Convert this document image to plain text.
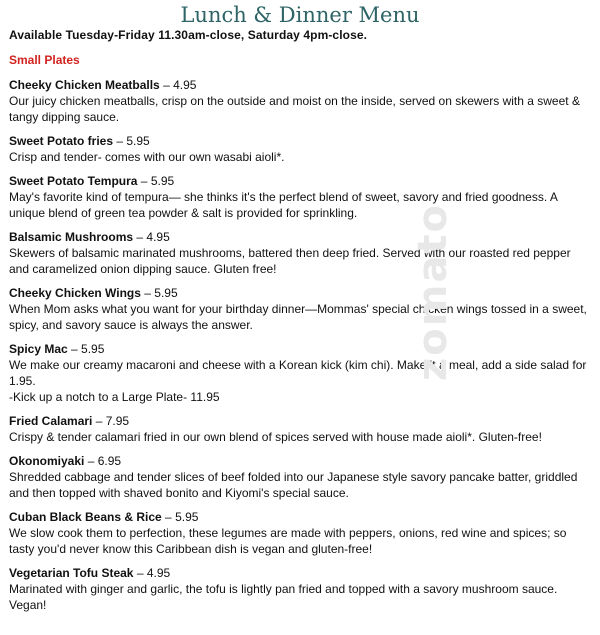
zomato
Lunch & Dinner Menu
Available Tuesday-Friday 11.30am-close, Saturday 4pm-close.
Small Plates
Cheeky Chicken Meatballs – 4.95
Our juicy chicken meatballs, crisp on the outside and moist on the inside, served on skewers with a sweet &
tangy dipping sauce.
Sweet Potato fries – 5.95
Crisp and tender- comes with our own wasabi aioli*.
Sweet Potato Tempura – 5.95
May's favorite kind of tempura— she thinks it's the perfect blend of sweet, savory and fried goodness. A
unique blend of green tea powder & salt is provided for sprinkling.
Balsamic Mushrooms – 4.95
Skewers of balsamic marinated mushrooms, battered then deep fried. Served with our roasted red pepper
and caramelized onion dipping sauce. Gluten free!
Cheeky Chicken Wings – 5.95
When Mom asks what you want for your birthday dinner—Mommas' special chicken wings tossed in a sweet,
spicy, and savory sauce is always the answer.
Spicy Mac – 5.95
We make our creamy macaroni and cheese with a Korean kick (kim chi). Make it a meal, add a side salad for
1.95.
-Kick up a notch to a Large Plate- 11.95
Fried Calamari – 7.95
Crispy & tender calamari fried in our own blend of spices served with house made aioli*. Gluten-free!
Okonomiyaki – 6.95
Shredded cabbage and tender slices of beef folded into our Japanese style savory pancake batter, griddled
and then topped with shaved bonito and Kiyomi's special sauce.
Cuban Black Beans & Rice – 5.95
We slow cook them to perfection, these legumes are made with peppers, onions, red wine and spices; so
tasty you'd never know this Caribbean dish is vegan and gluten-free!
Vegetarian Tofu Steak – 4.95
Marinated with ginger and garlic, the tofu is lightly pan fried and topped with a savory mushroom sauce.
Vegan!
